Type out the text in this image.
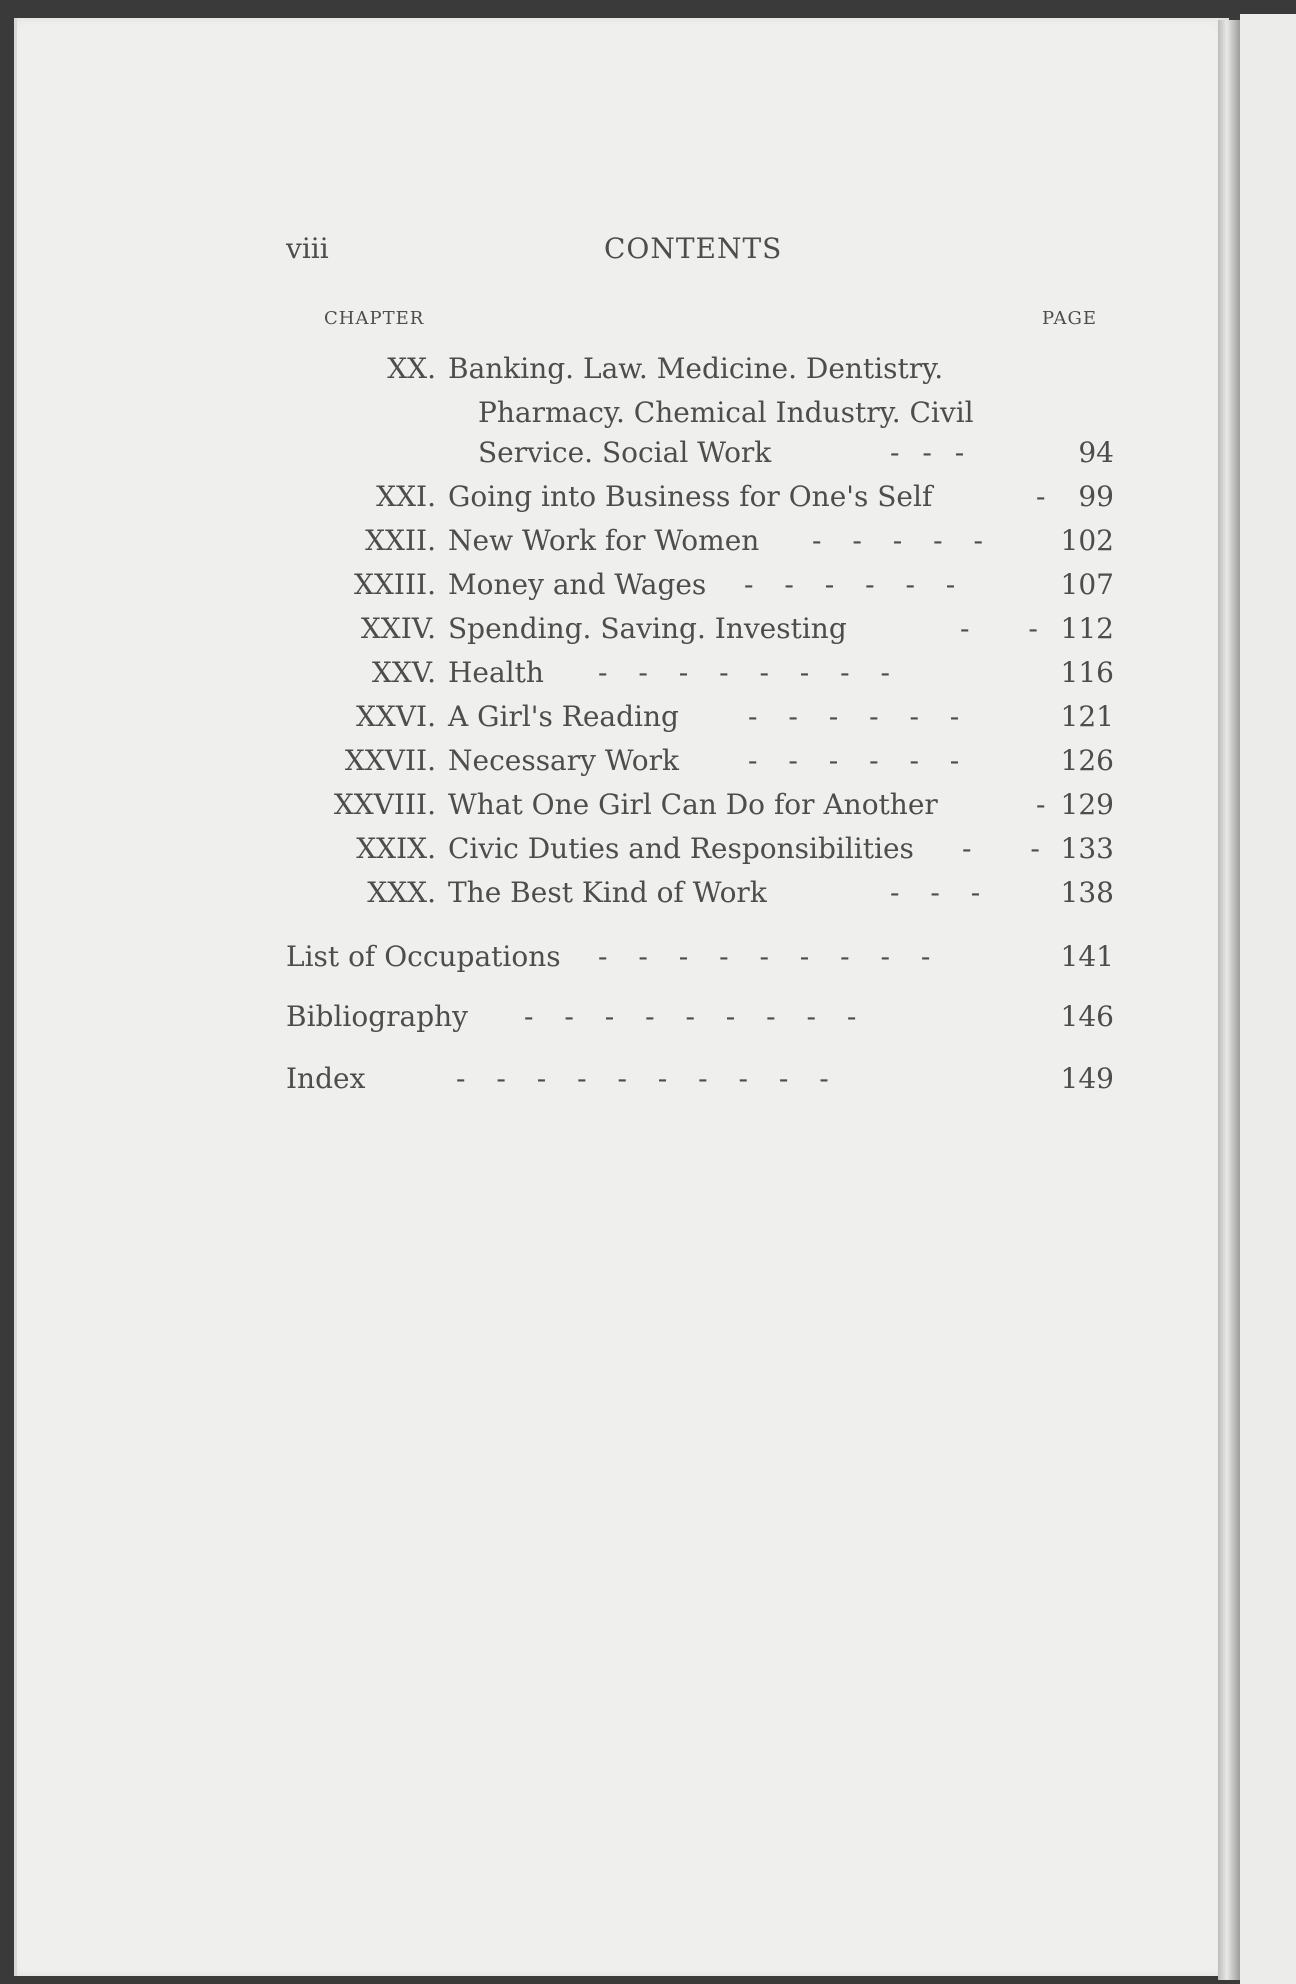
viii	CONTENTS
CHAPTER	PAGE
XX. Banking. Law. Medicine. Dentistry.
Pharmacy. Chemical Industry. Civil
Service. Social Work	- - -	94
XXI. Going into Business for One's Self	-	99
XXII. New Work for Women - - - - -	102
XXIII. Money and Wages - - - - - -	107
XXIV. Spending. Saving. Investing	- - 112
XXV. Health - - - - - - - -	116
XXVI. A Girl's Reading - - - - - -	121
XXVII. Necessary Work - - - - - -	126
XXVIII. What One Girl Can Do for Another	- 129
XXIX. Civic Duties and Responsibilities - - 133
XXX. The Best Kind of Work	- - -	138
List of Occupations - - - - - - - - -	141
Bibliography - - - - - - - - -	146
Index	- - - - - - - - - -	149
